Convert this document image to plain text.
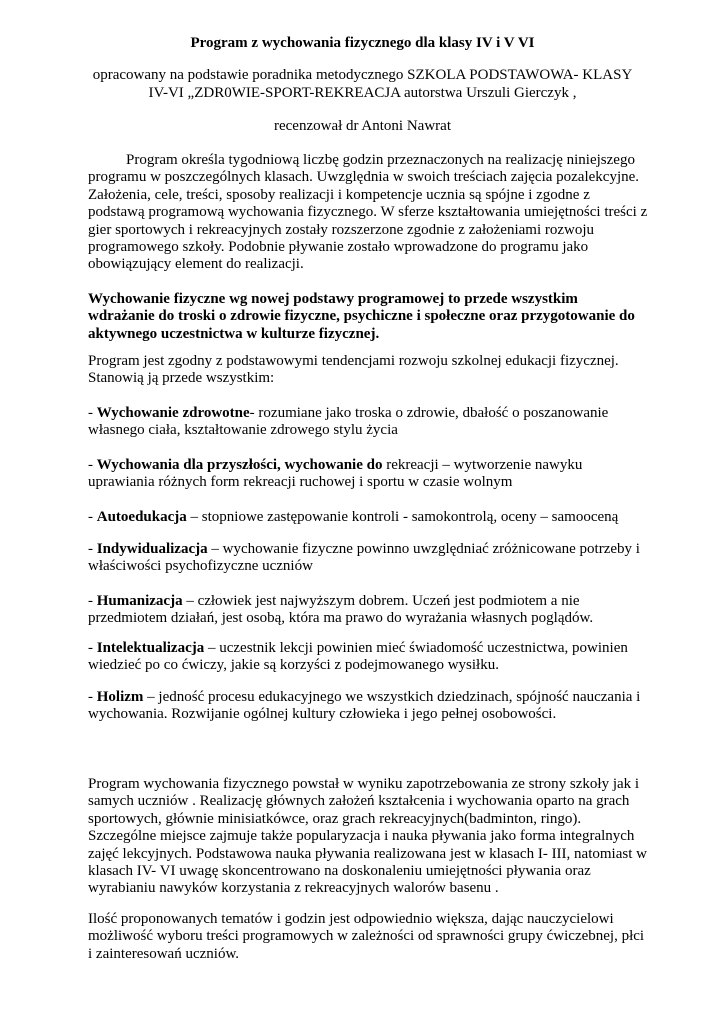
Program z wychowania fizycznego dla klasy IV i V VI
opracowany na podstawie poradnika metodycznego SZKOLA PODSTAWOWA- KLASY
IV-VI „ZDR0WIE-SPORT-REKREACJA autorstwa Urszuli Gierczyk ,
recenzował dr Antoni Nawrat

Program określa tygodniową liczbę godzin przeznaczonych na realizację niniejszego programu w poszczególnych klasach. Uwzględnia w swoich treściach zajęcia pozalekcyjne. Założenia, cele, treści, sposoby realizacji i kompetencje ucznia są spójne i zgodne z podstawą programową wychowania fizycznego. W sferze kształtowania umiejętności treści z gier sportowych i rekreacyjnych zostały rozszerzone zgodnie z założeniami rozwoju programowego szkoły. Podobnie pływanie zostało wprowadzone do programu jako obowiązujący element do realizacji.

Wychowanie fizyczne wg nowej podstawy programowej to przede wszystkim wdrażanie do troski o zdrowie fizyczne, psychiczne i społeczne oraz przygotowanie do aktywnego uczestnictwa w kulturze fizycznej.

Program jest zgodny z podstawowymi tendencjami rozwoju szkolnej edukacji fizycznej. Stanowią ją przede wszystkim:

- Wychowanie zdrowotne- rozumiane jako troska o zdrowie, dbałość o poszanowanie własnego ciała, kształtowanie zdrowego stylu życia

- Wychowania dla przyszłości, wychowanie do rekreacji – wytworzenie nawyku uprawiania różnych form rekreacji ruchowej i sportu w czasie wolnym

- Autoedukacja – stopniowe zastępowanie kontroli - samokontrolą, oceny – samooceną

- Indywidualizacja – wychowanie fizyczne powinno uwzględniać zróżnicowane potrzeby i właściwości psychofizyczne uczniów

- Humanizacja – człowiek jest najwyższym dobrem. Uczeń jest podmiotem a nie przedmiotem działań, jest osobą, która ma prawo do wyrażania własnych poglądów.

- Intelektualizacja – uczestnik lekcji powinien mieć świadomość uczestnictwa, powinien wiedzieć po co ćwiczy, jakie są korzyści z podejmowanego wysiłku.

- Holizm – jedność procesu edukacyjnego we wszystkich dziedzinach, spójność nauczania i wychowania. Rozwijanie ogólnej kultury człowieka i jego pełnej osobowości.

Program wychowania fizycznego powstał w wyniku zapotrzebowania ze strony szkoły jak i samych uczniów . Realizację głównych założeń kształcenia i wychowania oparto na grach sportowych, głównie minisiatkówce, oraz grach rekreacyjnych(badminton, ringo). Szczególne miejsce zajmuje także popularyzacja i nauka pływania jako forma integralnych zajęć lekcyjnych. Podstawowa nauka pływania realizowana jest w klasach I- III, natomiast w klasach IV- VI uwagę skoncentrowano na doskonaleniu umiejętności pływania oraz wyrabianiu nawyków korzystania z rekreacyjnych walorów basenu .

Ilość proponowanych tematów i godzin jest odpowiednio większa, dając nauczycielowi możliwość wyboru treści programowych w zależności od sprawności grupy ćwiczebnej, płci i zainteresowań uczniów.
